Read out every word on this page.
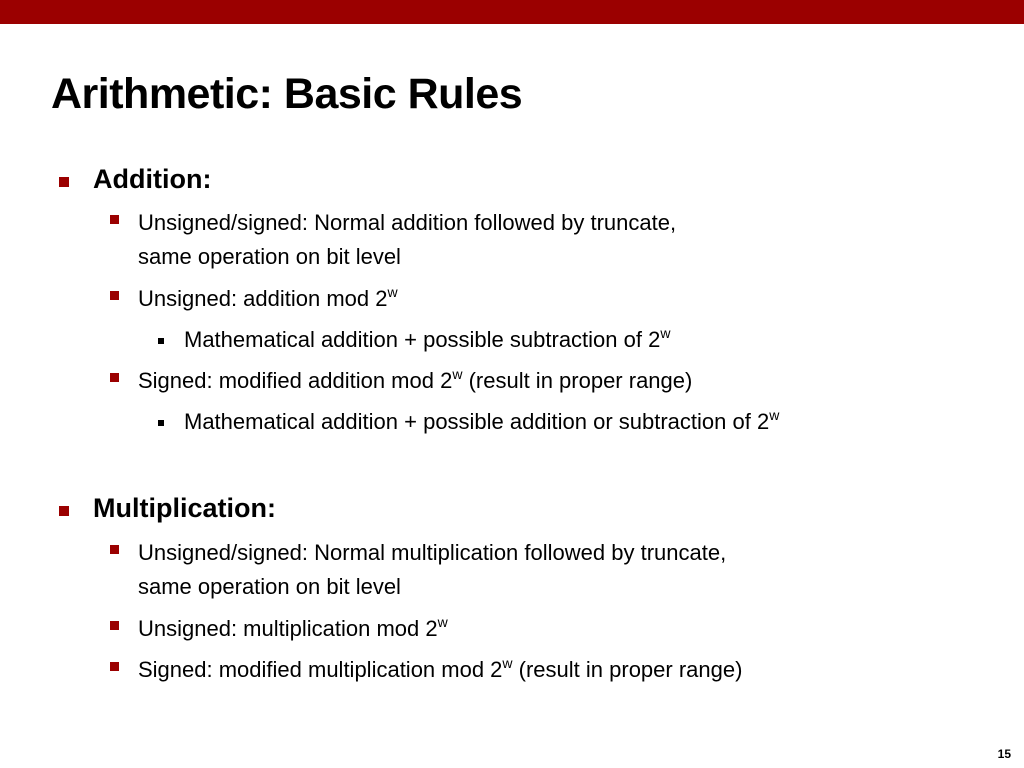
Arithmetic: Basic Rules
Addition:
Unsigned/signed: Normal addition followed by truncate,
same operation on bit level
Unsigned: addition mod 2$^w$
Mathematical addition + possible subtraction of 2$^w$
Signed: modified addition mod 2$^w$ (result in proper range)
Mathematical addition + possible addition or subtraction of 2$^w$
Multiplication:
Unsigned/signed: Normal multiplication followed by truncate,
same operation on bit level
Unsigned: multiplication mod 2$^w$
Signed: modified multiplication mod 2$^w$ (result in proper range)
15
